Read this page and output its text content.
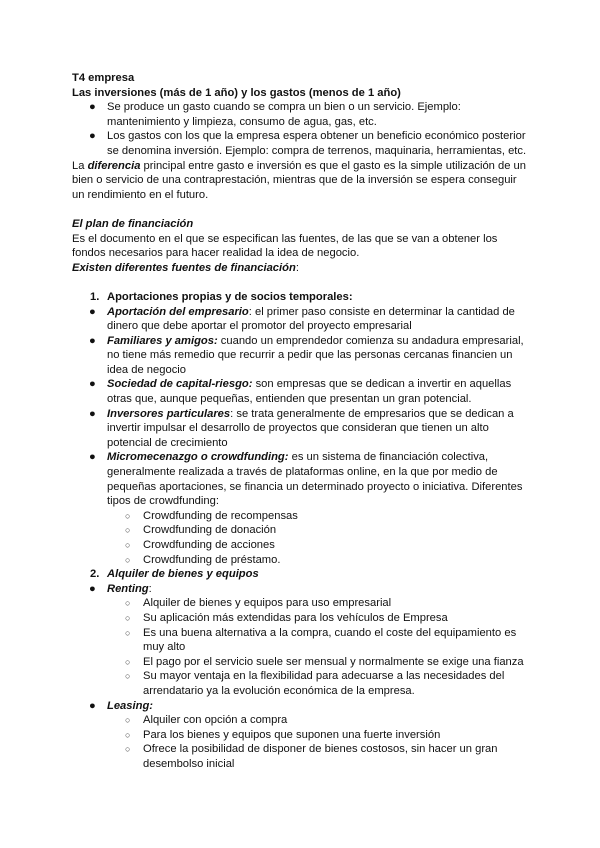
T4 empresa

Las inversiones (más de 1 año) y los gastos (menos de 1 año)

● Se produce un gasto cuando se compra un bien o un servicio. Ejemplo: mantenimiento y limpieza, consumo de agua, gas, etc.
● Los gastos con los que la empresa espera obtener un beneficio económico posterior se denomina inversión. Ejemplo: compra de terrenos, maquinaria, herramientas, etc.

La diferencia principal entre gasto e inversión es que el gasto es la simple utilización de un bien o servicio de una contraprestación, mientras que de la inversión se espera conseguir un rendimiento en el futuro.

El plan de financiación

Es el documento en el que se especifican las fuentes, de las que se van a obtener los fondos necesarios para hacer realidad la idea de negocio.

Existen diferentes fuentes de financiación:

1. Aportaciones propias y de socios temporales:
● Aportación del empresario: el primer paso consiste en determinar la cantidad de dinero que debe aportar el promotor del proyecto empresarial
● Familiares y amigos: cuando un emprendedor comienza su andadura empresarial, no tiene más remedio que recurrir a pedir que las personas cercanas financien un idea de negocio
● Sociedad de capital-riesgo: son empresas que se dedican a invertir en aquellas otras que, aunque pequeñas, entienden que presentan un gran potencial.
● Inversores particulares: se trata generalmente de empresarios que se dedican a invertir impulsar el desarrollo de proyectos que consideran que tienen un alto potencial de crecimiento
● Micromecenazgo o crowdfunding: es un sistema de financiación colectiva, generalmente realizada a través de plataformas online, en la que por medio de pequeñas aportaciones, se financia un determinado proyecto o iniciativa. Diferentes tipos de crowdfunding:
○ Crowdfunding de recompensas
○ Crowdfunding de donación
○ Crowdfunding de acciones
○ Crowdfunding de préstamo.
2. Alquiler de bienes y equipos
● Renting:
○ Alquiler de bienes y equipos para uso empresarial
○ Su aplicación más extendidas para los vehículos de Empresa
○ Es una buena alternativa a la compra, cuando el coste del equipamiento es muy alto
○ El pago por el servicio suele ser mensual y normalmente se exige una fianza
○ Su mayor ventaja en la flexibilidad para adecuarse a las necesidades del arrendatario ya la evolución económica de la empresa.
● Leasing:
○ Alquiler con opción a compra
○ Para los bienes y equipos que suponen una fuerte inversión
○ Ofrece la posibilidad de disponer de bienes costosos, sin hacer un gran desembolso inicial
